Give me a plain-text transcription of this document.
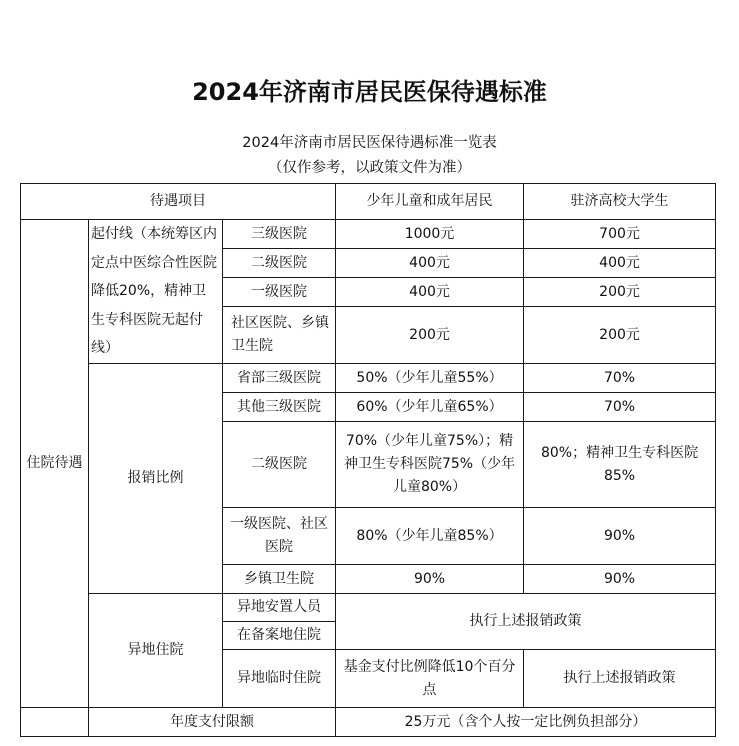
2024年济南市居民医保待遇标准
2024年济南市居民医保待遇标准一览表
（仅作参考，以政策文件为准）
待遇项目			少年儿童和成年居民	驻济高校大学生
住院待遇	起付线（本统筹区内定点中医综合性医院降低20%，精神卫生专科医院无起付线）	三级医院	1000元	700元
		二级医院	400元	400元
		一级医院	400元	200元
		社区医院、乡镇卫生院	200元	200元
	报销比例	省部三级医院	50%（少年儿童55%）	70%
		其他三级医院	60%（少年儿童65%）	70%
		二级医院	70%（少年儿童75%）；精神卫生专科医院75%（少年儿童80%）	80%；精神卫生专科医院85%
		一级医院、社区医院	80%（少年儿童85%）	90%
		乡镇卫生院	90%	90%
	异地住院	异地安置人员	执行上述报销政策	
		在备案地住院		
		异地临时住院	基金支付比例降低10个百分点	执行上述报销政策
	年度支付限额		25万元（含个人按一定比例负担部分）	
